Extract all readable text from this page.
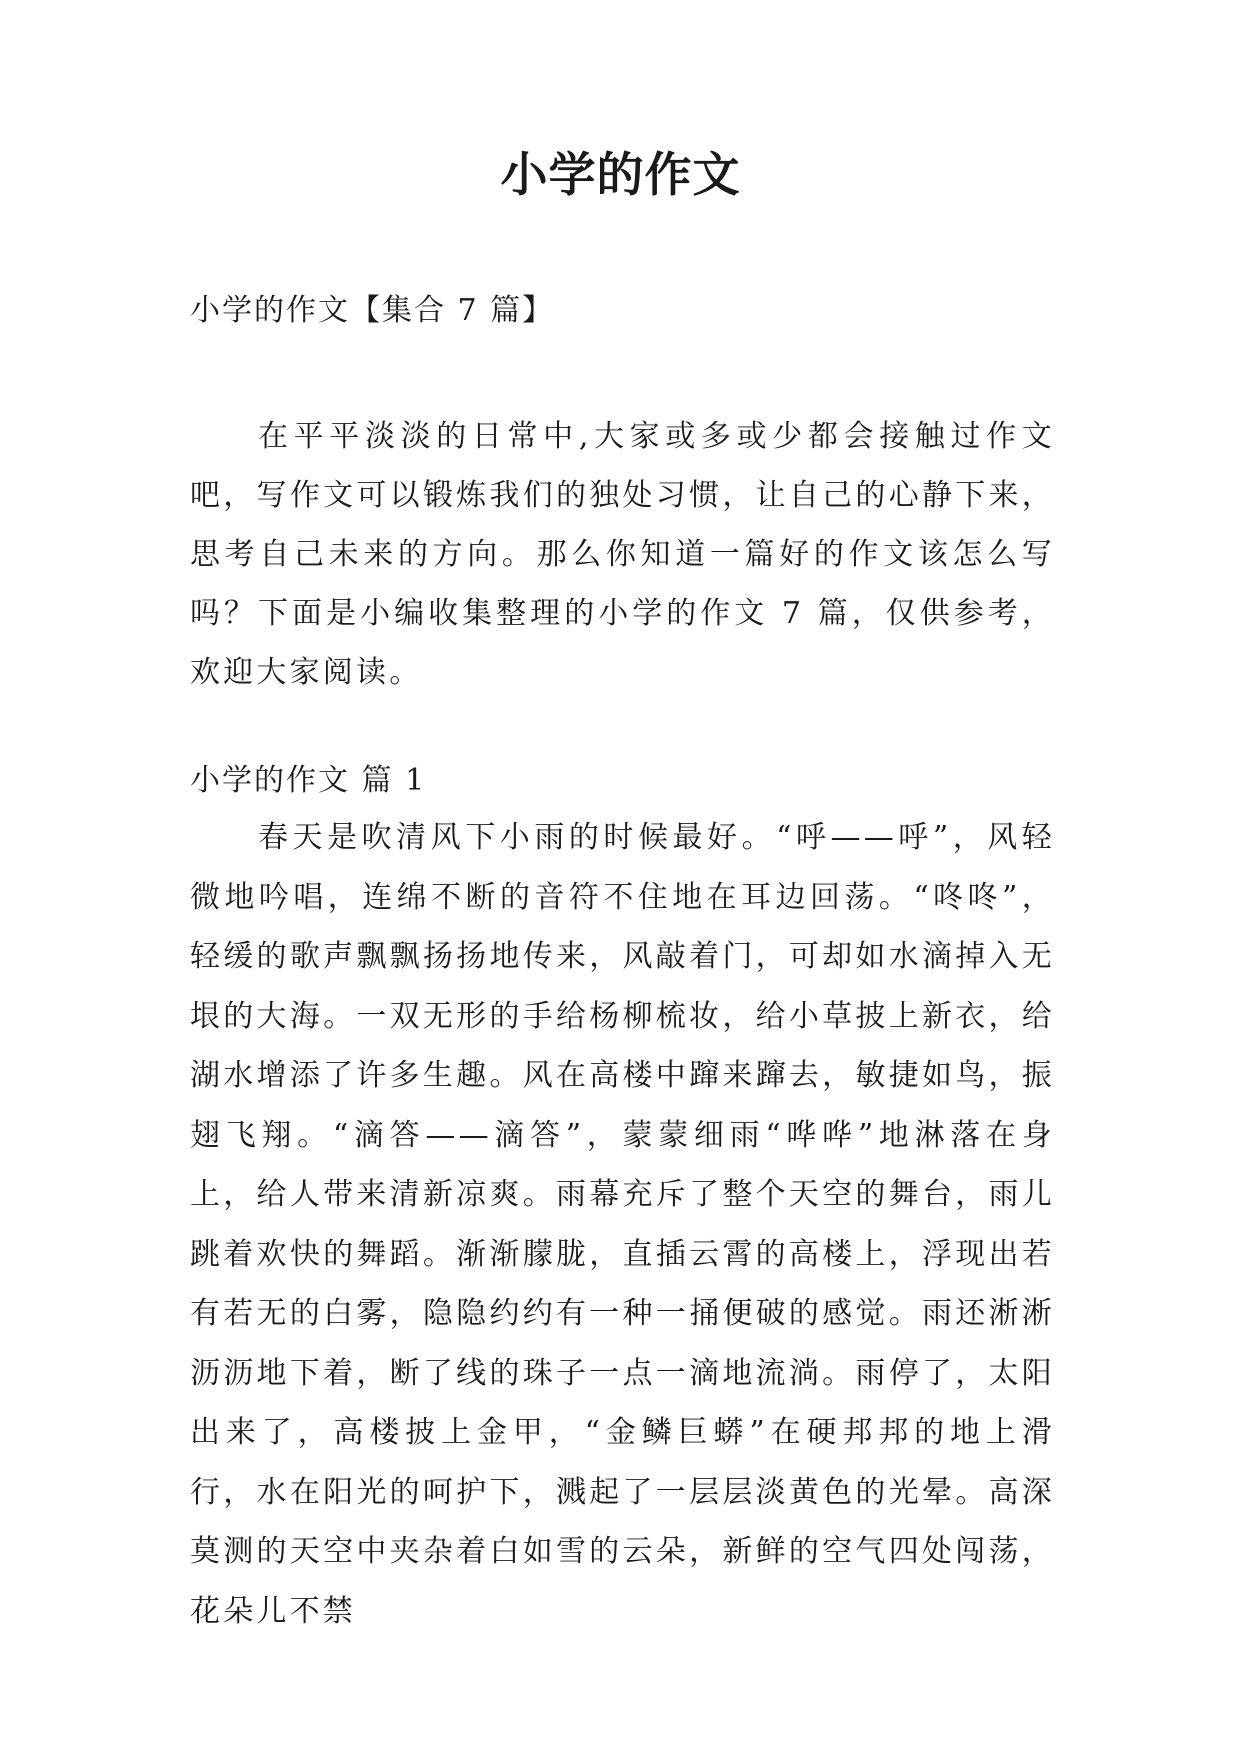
小学的作文
小学的作文【集合 7 篇】

在平平淡淡的日常中,大家或多或少都会接触过作文吧，写作文可以锻炼我们的独处习惯，让自己的心静下来，思考自己未来的方向。那么你知道一篇好的作文该怎么写吗？下面是小编收集整理的小学的作文 7 篇，仅供参考，欢迎大家阅读。

小学的作文 篇 1

春天是吹清风下小雨的时候最好。“呼——呼”，风轻微地吟唱，连绵不断的音符不住地在耳边回荡。“咚咚”，轻缓的歌声飘飘扬扬地传来，风敲着门，可却如水滴掉入无垠的大海。一双无形的手给杨柳梳妆，给小草披上新衣，给湖水增添了许多生趣。风在高楼中蹿来蹿去，敏捷如鸟，振翅飞翔。“滴答——滴答”，蒙蒙细雨“哗哗”地淋落在身上，给人带来清新凉爽。雨幕充斥了整个天空的舞台，雨儿跳着欢快的舞蹈。渐渐朦胧，直插云霄的高楼上，浮现出若有若无的白雾，隐隐约约有一种一捅便破的感觉。雨还淅淅沥沥地下着，断了线的珠子一点一滴地流淌。雨停了，太阳出来了，高楼披上金甲，“金鳞巨蟒”在硬邦邦的地上滑行，水在阳光的呵护下，溅起了一层层淡黄色的光晕。高深莫测的天空中夹杂着白如雪的云朵，新鲜的空气四处闯荡，花朵儿不禁
